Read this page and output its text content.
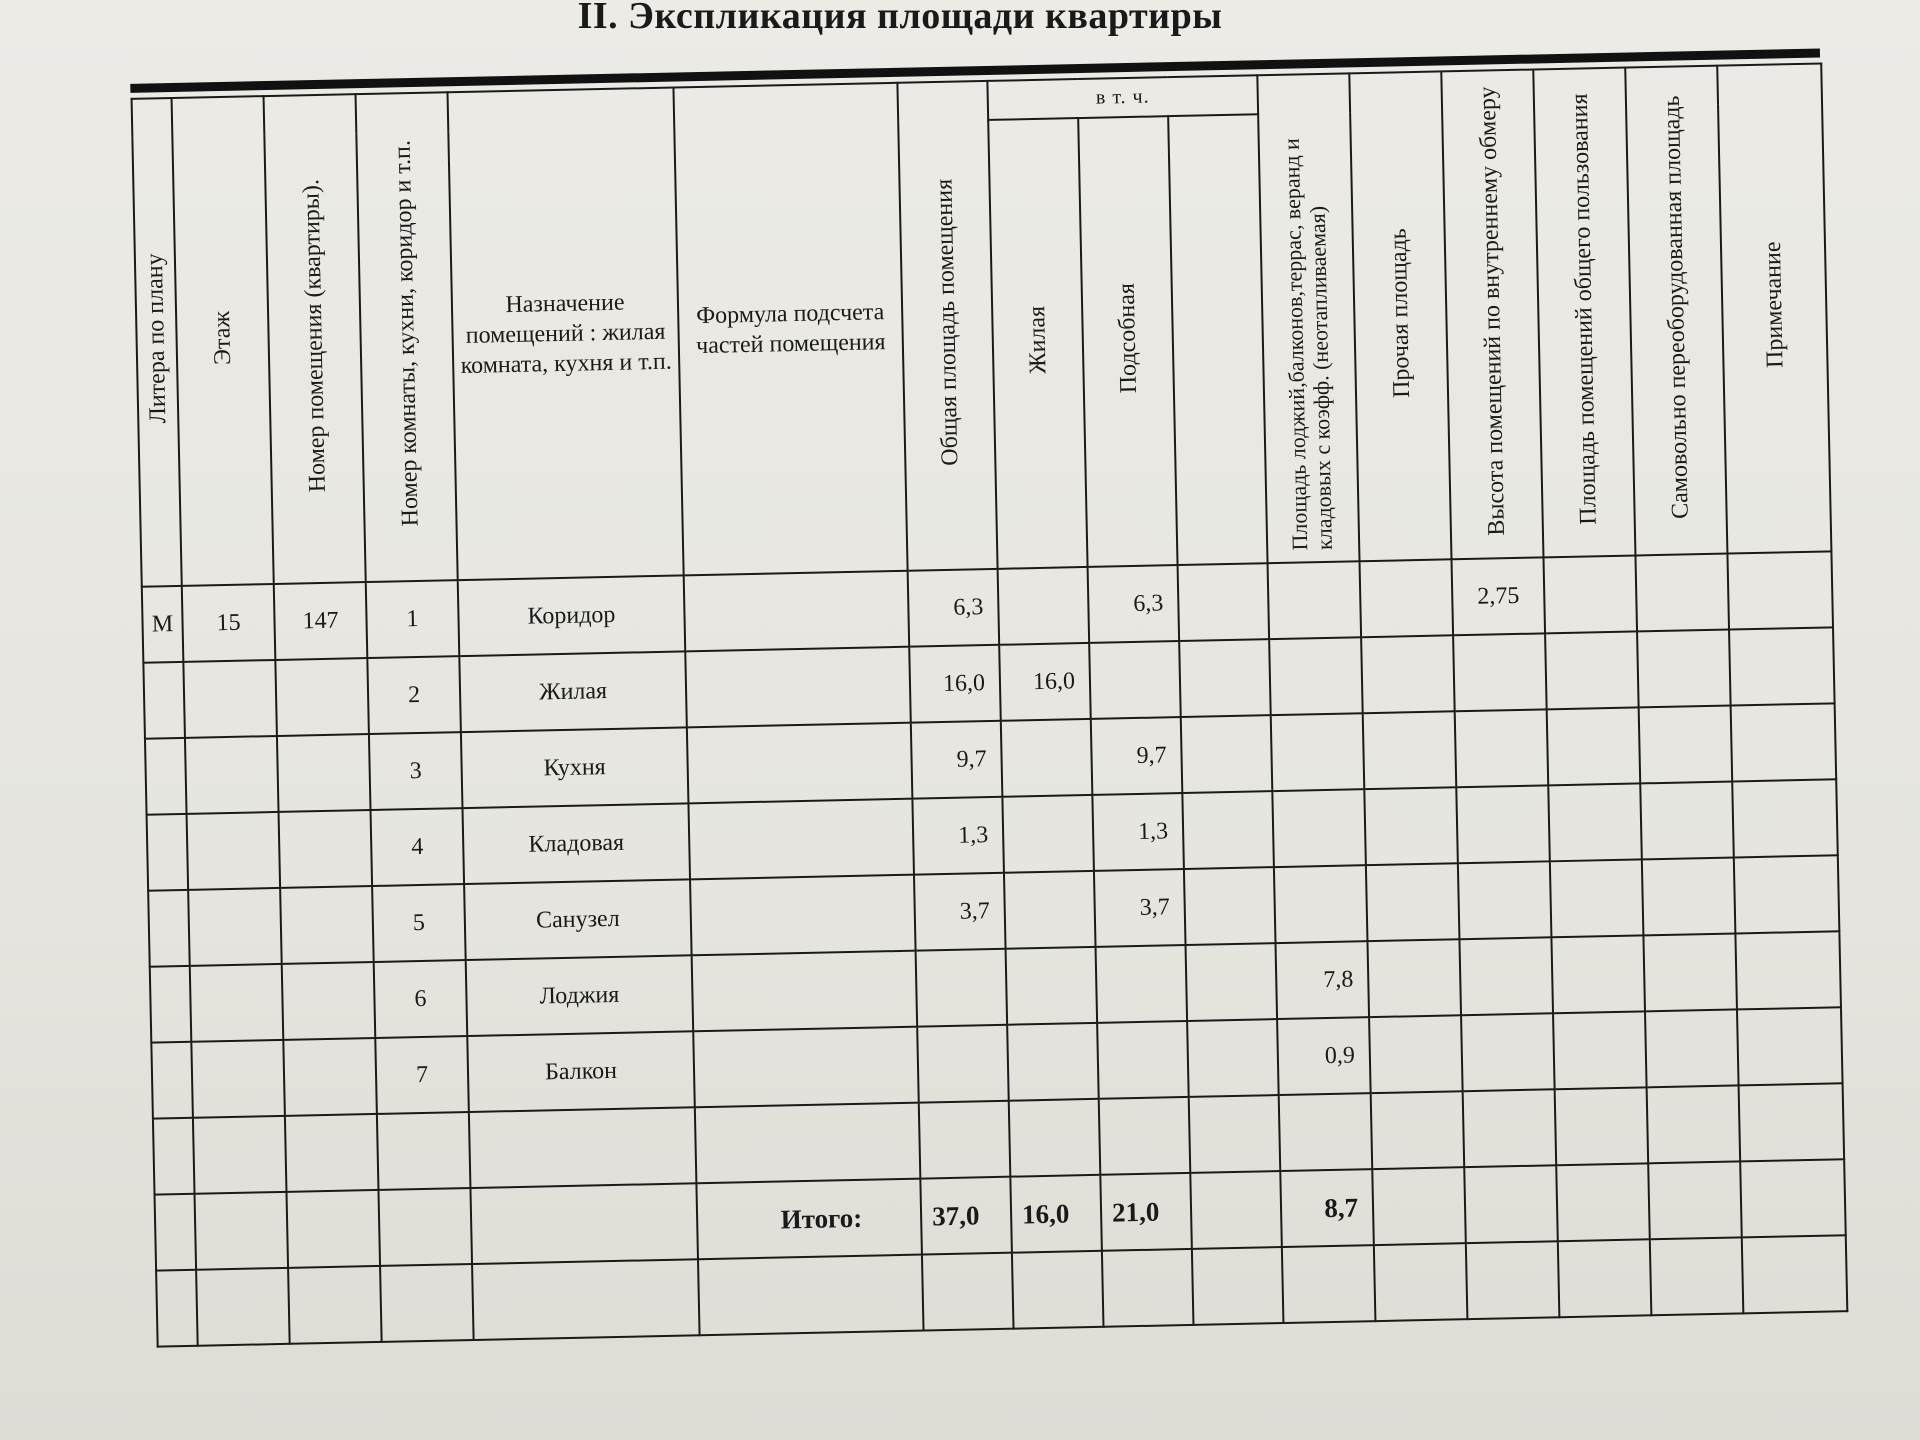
II. Экспликация площади квартиры
Литера по плану	Этаж	Номер помещения (квартиры).	Номер комнаты, кухни, коридор и т.п.	Назначение помещений : жилая комната, кухня и т.п.	Формула подсчета частей помещения	Общая площадь помещения	в т. ч.			Площадь лоджий,балконов,террас, веранд и кладовых с коэфф. (неотапливаемая)	Прочая площадь	Высота помещений по внутреннему обмеру	Площадь помещений общего пользования	Самовольно переоборудованная площадь	Примечание
							Жилая	Подсобная							
М	15	147	1	Коридор		6,3		6,3				2,75			
			2	Жилая		16,0	16,0								
			3	Кухня		9,7		9,7							
			4	Кладовая		1,3		1,3							
			5	Санузел		3,7		3,7							
			6	Лоджия						7,8					
			7	Балкон						0,9					

					Итого:	37,0	16,0	21,0		8,7					
